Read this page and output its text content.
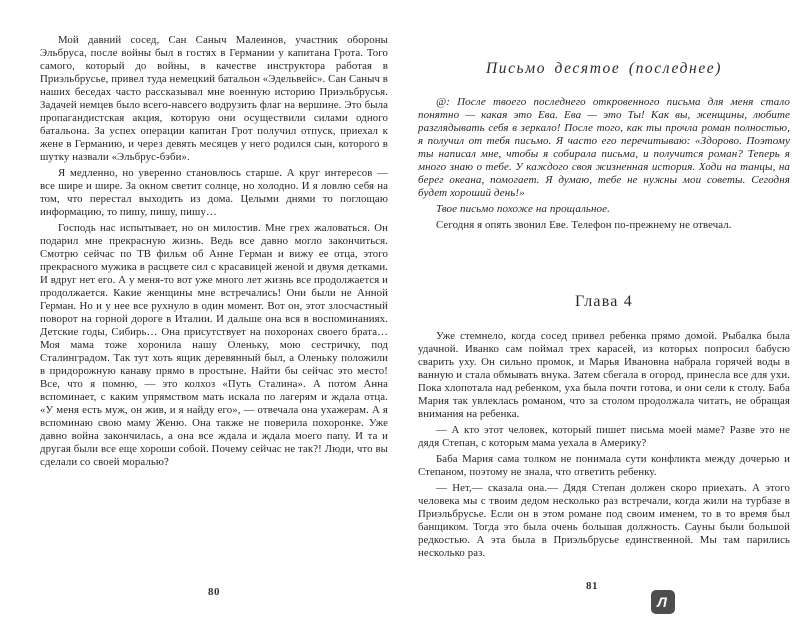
Мой давний сосед, Сан Саныч Малеинов, участник обороны Эльбруса, после войны был в гостях в Германии у капитана Грота. Того самого, который до войны, в качестве инструктора работая в Приэльбрусье, привел туда немецкий батальон «Эдельвейс». Сан Саныч в наших беседах часто рассказывал мне военную историю Приэльбрусья. Задачей немцев было всего-навсего водрузить флаг на вершине. Это была пропагандистская акция, которую они осуществили силами одного батальона. За успех операции капитан Грот получил отпуск, приехал к жене в Германию, и через девять месяцев у него родился сын, которого в шутку назвали «Эльбрус-бэби».

Я медленно, но уверенно становлюсь старше. А круг интересов — все шире и шире. За окном светит солнце, но холодно. И я ловлю себя на том, что перестал выходить из дома. Целыми днями то поглощаю информацию, то пишу, пишу, пишу…

Господь нас испытывает, но он милостив. Мне грех жаловаться. Он подарил мне прекрасную жизнь. Ведь все давно могло закончиться. Смотрю сейчас по ТВ фильм об Анне Герман и вижу ее отца, этого прекрасного мужика в расцвете сил с красавицей женой и двумя детками. И вдруг нет его. А у меня-то вот уже много лет жизнь все продолжается и продолжается. Какие женщины мне встречались! Они были не Анной Герман. Но и у нее все рухнуло в один момент. Вот он, этот злосчастный поворот на горной дороге в Италии. И дальше она вся в воспоминаниях. Детские годы, Сибирь… Она присутствует на похоронах своего брата… Моя мама тоже хоронила нашу Оленьку, мою сестричку, под Сталинградом. Так тут хоть ящик деревянный был, а Оленьку положили в придорожную канаву прямо в простыне. Найти бы сейчас это место! Все, что я помню, — это колхоз «Путь Сталина». А потом Анна вспоминает, с каким упрямством мать искала по лагерям и ждала отца. «У меня есть муж, он жив, и я найду его», — отвечала она ухажерам. А я вспоминаю свою маму Женю. Она также не поверила похоронке. Уже давно война закончилась, а она все ждала и ждала моего папу. И та и другая были все еще хороши собой. Почему сейчас не так?! Люди, что вы сделали со своей моралью?

Письмо десятое (последнее)

@: После твоего последнего откровенного письма для меня стало понятно — какая это Ева. Ева — это Ты! Как вы, женщины, любите разглядывать себя в зеркало! После того, как ты прочла роман полностью, я получил от тебя письмо. Я часто его перечитываю: «Здорово. Поэтому ты написал мне, чтобы я собирала письма, и получится роман? Теперь я много знаю о тебе. У каждого своя жизненная история. Ходи на танцы, на берег океана, помогает. Я думаю, тебе не нужны мои советы. Сегодня будет хороший день!»

Твое письмо похоже на прощальное.

Сегодня я опять звонил Еве. Телефон по-прежнему не отвечал.

Глава 4

Уже стемнело, когда сосед привел ребенка прямо домой. Рыбалка была удачной. Иванко сам поймал трех карасей, из которых попросил бабусю сварить уху. Он сильно промок, и Марья Ивановна набрала горячей воды в ванную и стала обмывать внука. Затем сбегала в огород, принесла все для ухи. Пока хлопотала над ребенком, уха была почти готова, и они сели к столу. Баба Мария так увлеклась романом, что за столом продолжала читать, не обращая внимания на ребенка.

— А кто этот человек, который пишет письма моей маме? Разве это не дядя Степан, с которым мама уехала в Америку?

Баба Мария сама толком не понимала сути конфликта между дочерью и Степаном, поэтому не знала, что ответить ребенку.

— Нет,— сказала она.— Дядя Степан должен скоро приехать. А этого человека мы с твоим дедом несколько раз встречали, когда жили на турбазе в Приэльбрусье. Если он в этом романе под своим именем, то в то время был банщиком. Тогда это была очень большая должность. Сауны были большой редкостью. А эта была в Приэльбрусье единственной. Мы там парились несколько раз.

80	81
Л
